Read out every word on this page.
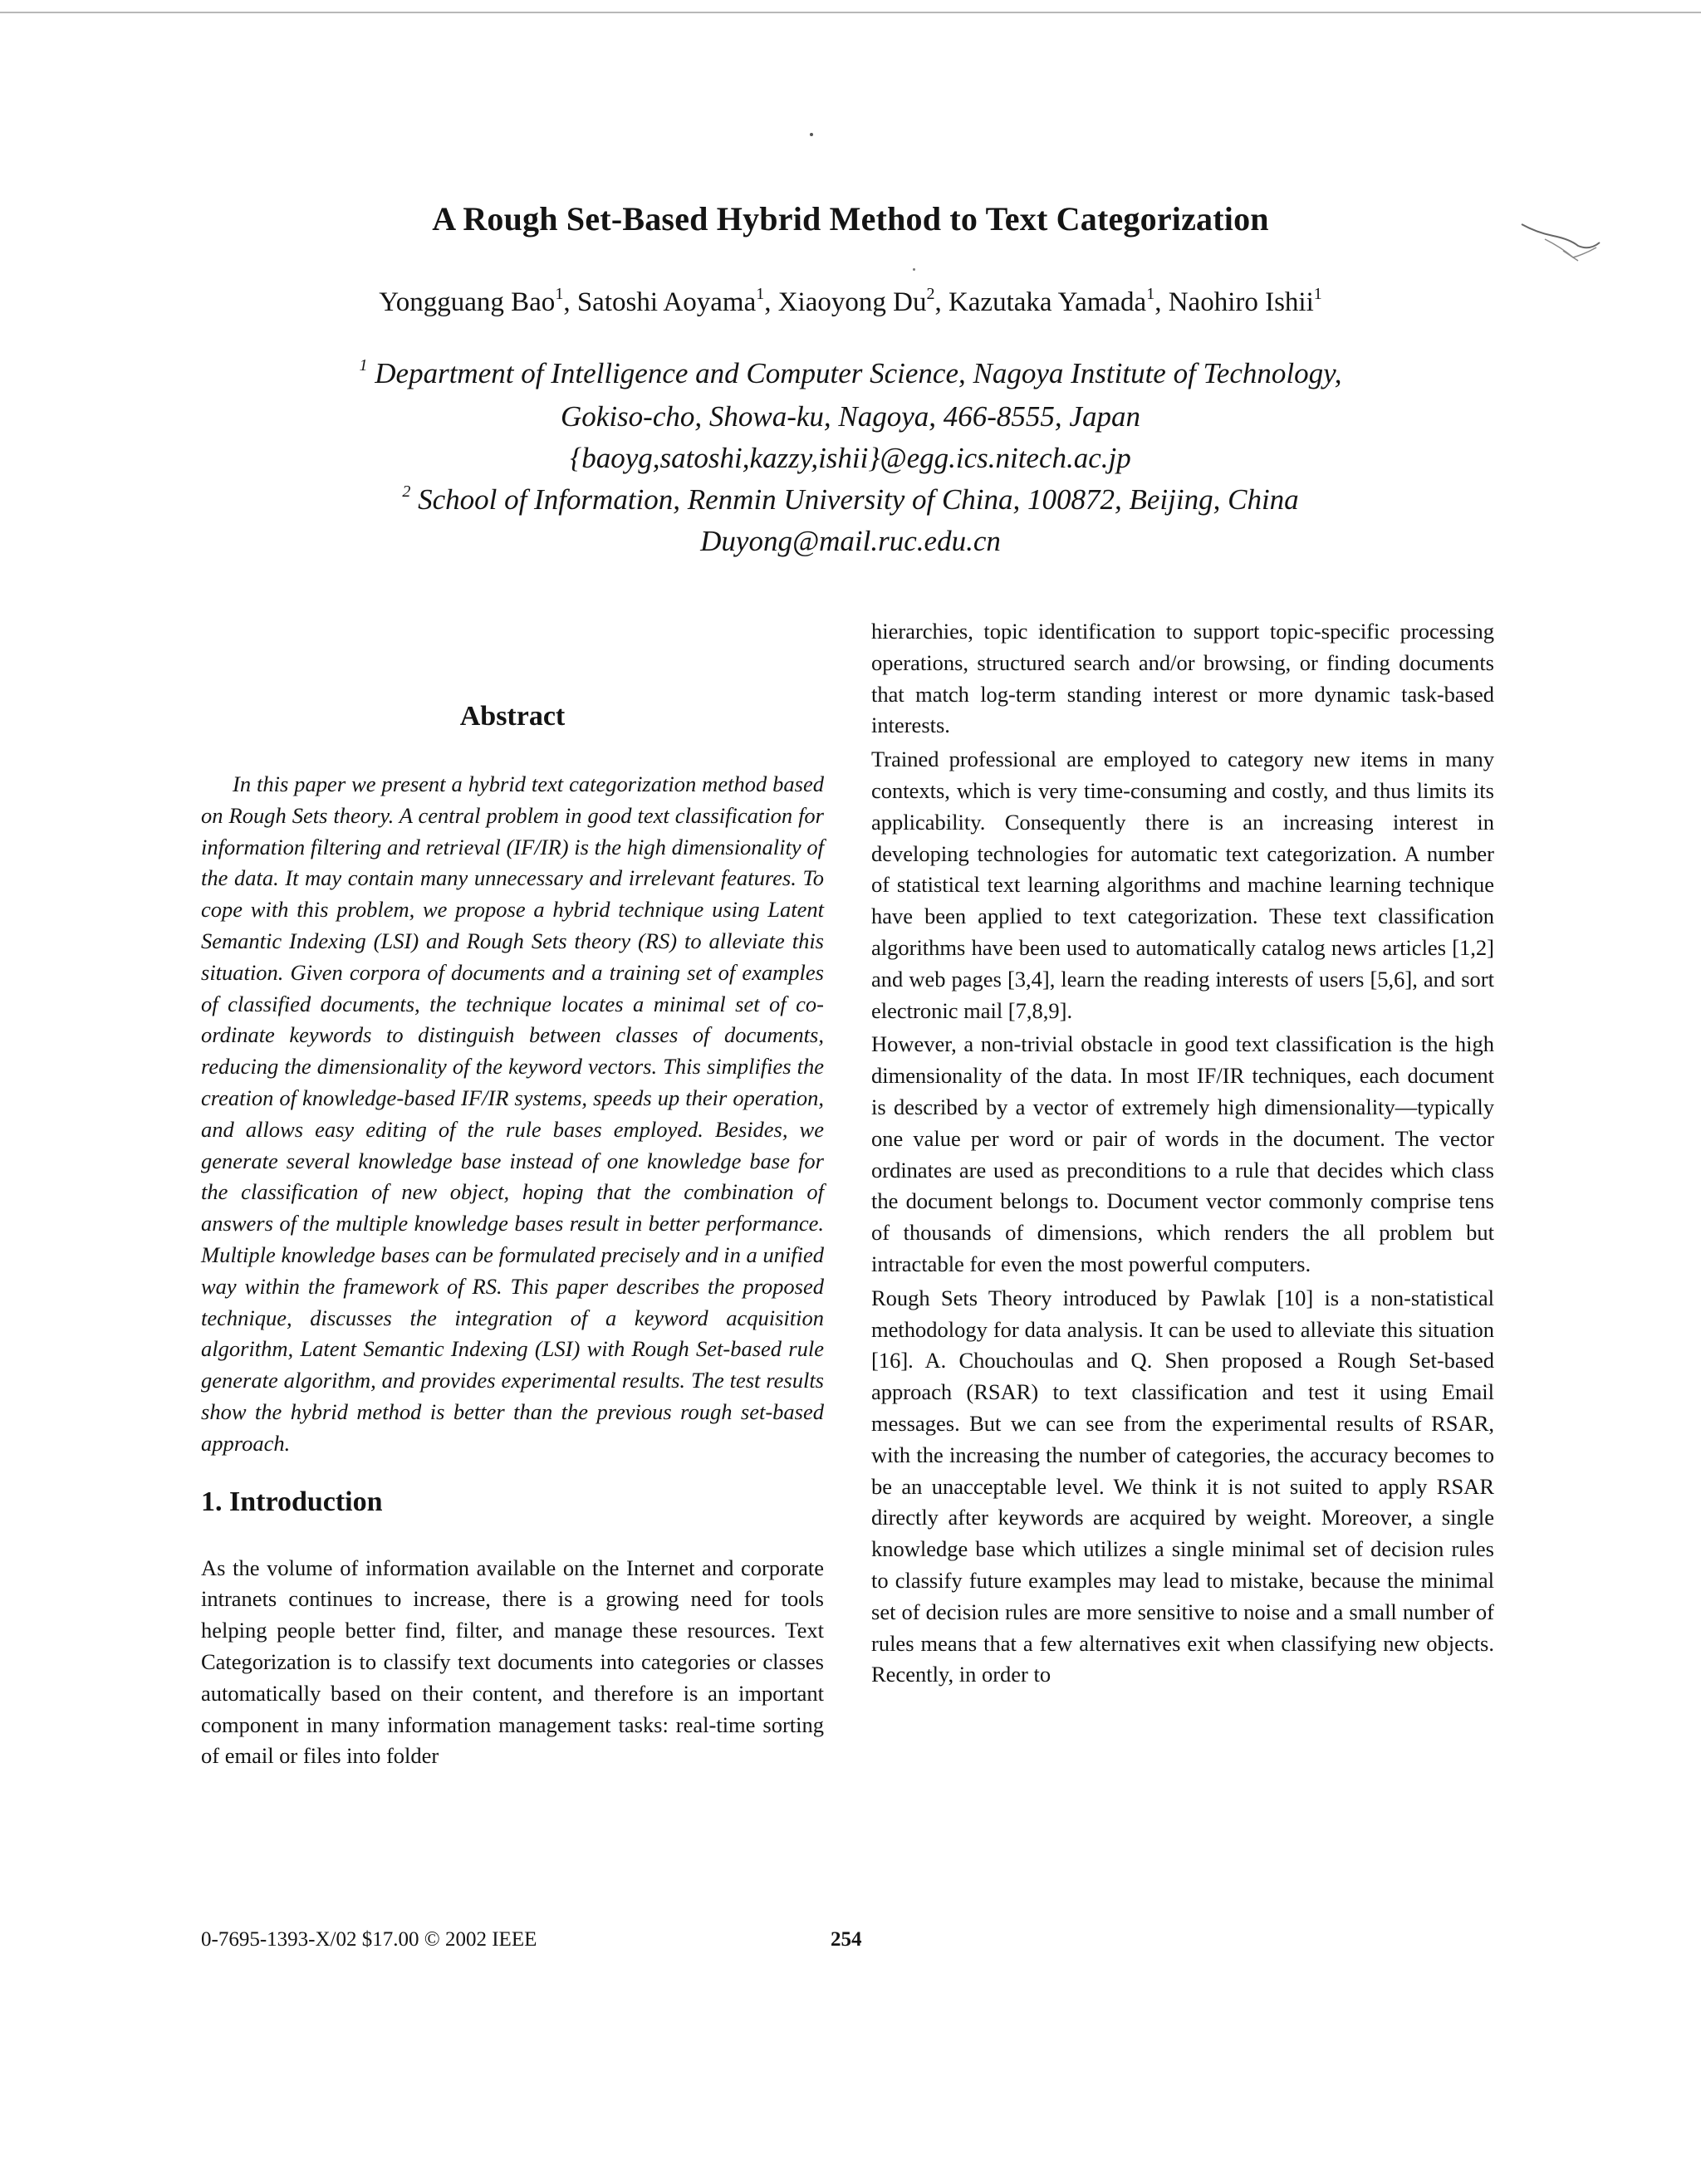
A Rough Set-Based Hybrid Method to Text Categorization
Yongguang Bao$^1$, Satoshi Aoyama$^1$, Xiaoyong Du$^2$, Kazutaka Yamada$^1$, Naohiro Ishii$^1$
$^1$ Department of Intelligence and Computer Science, Nagoya Institute of Technology,
Gokiso-cho, Showa-ku, Nagoya, 466-8555, Japan
{baoyg,satoshi,kazzy,ishii}@egg.ics.nitech.ac.jp
$^2$ School of Information, Renmin University of China, 100872, Beijing, China
Duyong@mail.ruc.edu.cn
Abstract

In this paper we present a hybrid text categorization method based on Rough Sets theory. A central problem in good text classification for information filtering and retrieval (IF/IR) is the high dimensionality of the data. It may contain many unnecessary and irrelevant features. To cope with this problem, we propose a hybrid technique using Latent Semantic Indexing (LSI) and Rough Sets theory (RS) to alleviate this situation. Given corpora of documents and a training set of examples of classified documents, the technique locates a minimal set of co-ordinate keywords to distinguish between classes of documents, reducing the dimensionality of the keyword vectors. This simplifies the creation of knowledge-based IF/IR systems, speeds up their operation, and allows easy editing of the rule bases employed. Besides, we generate several knowledge base instead of one knowledge base for the classification of new object, hoping that the combination of answers of the multiple knowledge bases result in better performance. Multiple knowledge bases can be formulated precisely and in a unified way within the framework of RS. This paper describes the proposed technique, discusses the integration of a keyword acquisition algorithm, Latent Semantic Indexing (LSI) with Rough Set-based rule generate algorithm, and provides experimental results. The test results show the hybrid method is better than the previous rough set-based approach.

1. Introduction

As the volume of information available on the Internet and corporate intranets continues to increase, there is a growing need for tools helping people better find, filter, and manage these resources. Text Categorization is to classify text documents into categories or classes automatically based on their content, and therefore is an important component in many information management tasks: real-time sorting of email or files into folder

hierarchies, topic identification to support topic-specific processing operations, structured search and/or browsing, or finding documents that match log-term standing interest or more dynamic task-based interests.

Trained professional are employed to category new items in many contexts, which is very time-consuming and costly, and thus limits its applicability. Consequently there is an increasing interest in developing technologies for automatic text categorization. A number of statistical text learning algorithms and machine learning technique have been applied to text categorization. These text classification algorithms have been used to automatically catalog news articles [1,2] and web pages [3,4], learn the reading interests of users [5,6], and sort electronic mail [7,8,9].

However, a non-trivial obstacle in good text classification is the high dimensionality of the data. In most IF/IR techniques, each document is described by a vector of extremely high dimensionality—typically one value per word or pair of words in the document. The vector ordinates are used as preconditions to a rule that decides which class the document belongs to. Document vector commonly comprise tens of thousands of dimensions, which renders the all problem but intractable for even the most powerful computers.

Rough Sets Theory introduced by Pawlak [10] is a non-statistical methodology for data analysis. It can be used to alleviate this situation [16]. A. Chouchoulas and Q. Shen proposed a Rough Set-based approach (RSAR) to text classification and test it using Email messages. But we can see from the experimental results of RSAR, with the increasing the number of categories, the accuracy becomes to be an unacceptable level. We think it is not suited to apply RSAR directly after keywords are acquired by weight. Moreover, a single knowledge base which utilizes a single minimal set of decision rules to classify future examples may lead to mistake, because the minimal set of decision rules are more sensitive to noise and a small number of rules means that a few alternatives exit when classifying new objects. Recently, in order to

0-7695-1393-X/02 $17.00 © 2002 IEEE	254
